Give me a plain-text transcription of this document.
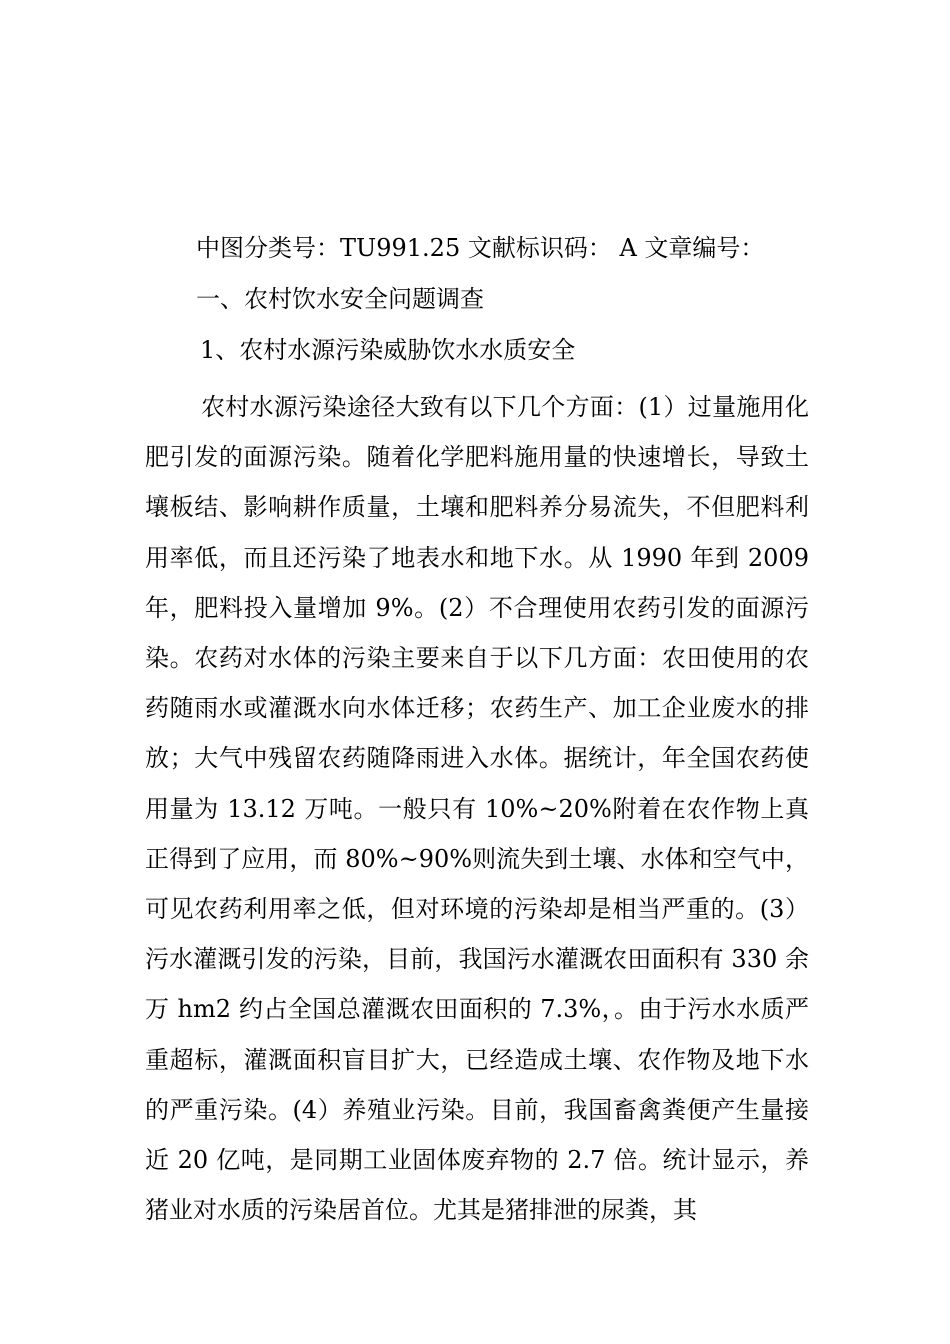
中图分类号：TU991.25 文献标识码： A 文章编号：
一、农村饮水安全问题调查
1、农村水源污染威胁饮水水质安全
农村水源污染途径大致有以下几个方面：(1）过量施用化肥引发的面源污染。随着化学肥料施用量的快速增长，导致土壤板结、影响耕作质量，土壤和肥料养分易流失，不但肥料利用率低，而且还污染了地表水和地下水。从 1990 年到 2009 年，肥料投入量增加 9%。(2）不合理使用农药引发的面源污染。农药对水体的污染主要来自于以下几方面：农田使用的农药随雨水或灌溉水向水体迁移；农药生产、加工企业废水的排放；大气中残留农药随降雨进入水体。据统计，年全国农药使用量为 13.12 万吨。一般只有 10%~20%附着在农作物上真正得到了应用，而 80%~90%则流失到土壤、水体和空气中，可见农药利用率之低，但对环境的污染却是相当严重的。(3）污水灌溉引发的污染，目前，我国污水灌溉农田面积有 330 余万 hm2 约占全国总灌溉农田面积的 7.3%，。由于污水水质严重超标，灌溉面积盲目扩大，已经造成土壤、农作物及地下水的严重污染。(4）养殖业污染。目前，我国畜禽粪便产生量接近 20 亿吨，是同期工业固体废弃物的 2.7 倍。统计显示，养猪业对水质的污染居首位。尤其是猪排泄的尿粪，其
